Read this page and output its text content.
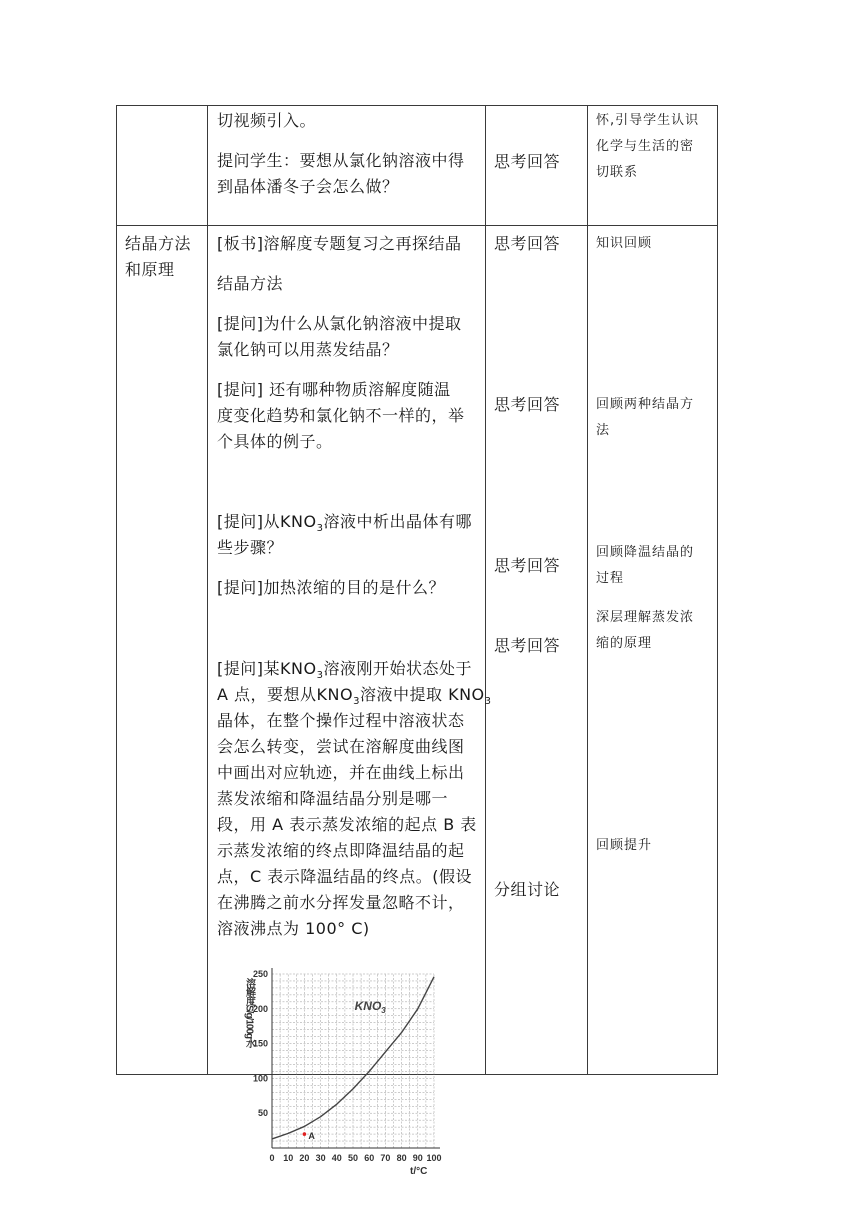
切视频引入。
提问学生：要想从氯化钠溶液中得
到晶体潘冬子会怎么做？
思考回答
怀,引导学生认识
化学与生活的密
切联系
结晶方法
和原理
[板书]溶解度专题复习之再探结晶
结晶方法
[提问]为什么从氯化钠溶液中提取
氯化钠可以用蒸发结晶？
[提问] 还有哪种物质溶解度随温
度变化趋势和氯化钠不一样的，举
个具体的例子。
[提问]从$KNO_3$溶液中析出晶体有哪
些步骤？
[提问]加热浓缩的目的是什么？
[提问]某$KNO_3$溶液刚开始状态处于
A 点，要想从$KNO_3$溶液中提取 $KNO_3$
晶体，在整个操作过程中溶液状态
会怎么转变，尝试在溶解度曲线图
中画出对应轨迹，并在曲线上标出
蒸发浓缩和降温结晶分别是哪一
段，用 A 表示蒸发浓缩的起点 B 表
示蒸发浓缩的终点即降温结晶的起
点，C 表示降温结晶的终点。(假设
在沸腾之前水分挥发量忽略不计，
溶液沸点为 100° C)
思考回答
思考回答
思考回答
思考回答
分组讨论
知识回顾
回顾两种结晶方
法
回顾降温结晶的
过程
深层理解蒸发浓
缩的原理
回顾提升
0 10 20 30 40 50 60 70 80 90 100
50
100
150
200
250
溶解度S/g/100g水
t/°C
$KNO_3$
A
